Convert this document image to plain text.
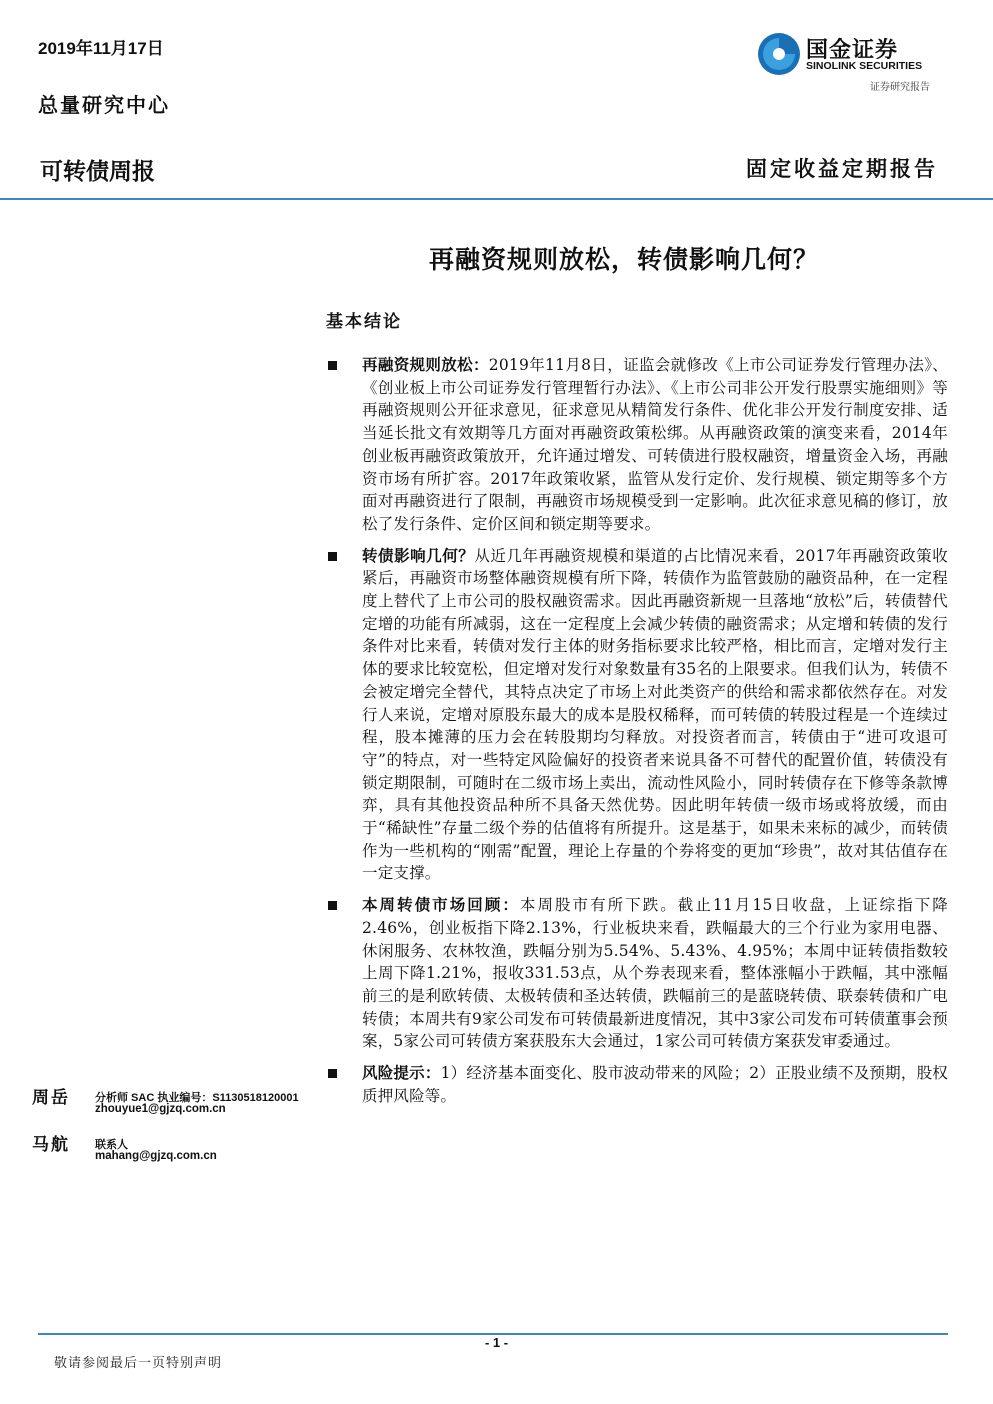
2019年11月17日
总量研究中心
可转债周报	固定收益定期报告
国金证券
SINOLINK SECURITIES
证券研究报告
再融资规则放松，转债影响几何？
基本结论
再融资规则放松：2019年11月8日，证监会就修改《上市公司证券发行管理办法》、《创业板上市公司证券发行管理暂行办法》、《上市公司非公开发行股票实施细则》等再融资规则公开征求意见，征求意见从精简发行条件、优化非公开发行制度安排、适当延长批文有效期等几方面对再融资政策松绑。从再融资政策的演变来看，2014年创业板再融资政策放开，允许通过增发、可转债进行股权融资，增量资金入场，再融资市场有所扩容。2017年政策收紧，监管从发行定价、发行规模、锁定期等多个方面对再融资进行了限制，再融资市场规模受到一定影响。此次征求意见稿的修订，放松了发行条件、定价区间和锁定期等要求。
转债影响几何？从近几年再融资规模和渠道的占比情况来看，2017年再融资政策收紧后，再融资市场整体融资规模有所下降，转债作为监管鼓励的融资品种，在一定程度上替代了上市公司的股权融资需求。因此再融资新规一旦落地“放松”后，转债替代定增的功能有所减弱，这在一定程度上会减少转债的融资需求；从定增和转债的发行条件对比来看，转债对发行主体的财务指标要求比较严格，相比而言，定增对发行主体的要求比较宽松，但定增对发行对象数量有35名的上限要求。但我们认为，转债不会被定增完全替代，其特点决定了市场上对此类资产的供给和需求都依然存在。对发行人来说，定增对原股东最大的成本是股权稀释，而可转债的转股过程是一个连续过程，股本摊薄的压力会在转股期均匀释放。对投资者而言，转债由于“进可攻退可守”的特点，对一些特定风险偏好的投资者来说具备不可替代的配置价值，转债没有锁定期限制，可随时在二级市场上卖出，流动性风险小，同时转债存在下修等条款博弈，具有其他投资品种所不具备天然优势。因此明年转债一级市场或将放缓，而由于“稀缺性”存量二级个券的估值将有所提升。这是基于，如果未来标的减少，而转债作为一些机构的“刚需”配置，理论上存量的个券将变的更加“珍贵”，故对其估值存在一定支撑。
本周转债市场回顾：本周股市有所下跌。截止11月15日收盘，上证综指下降2.46%，创业板指下降2.13%，行业板块来看，跌幅最大的三个行业为家用电器、休闲服务、农林牧渔，跌幅分别为5.54%、5.43%、4.95%；本周中证转债指数较上周下降1.21%，报收331.53点，从个券表现来看，整体涨幅小于跌幅，其中涨幅前三的是利欧转债、太极转债和圣达转债，跌幅前三的是蓝晓转债、联泰转债和广电转债；本周共有9家公司发布可转债最新进度情况，其中3家公司发布可转债董事会预案，5家公司可转债方案获股东大会通过，1家公司可转债方案获发审委通过。
风险提示：1）经济基本面变化、股市波动带来的风险；2）正股业绩不及预期，股权质押风险等。
周岳 分析师 SAC 执业编号：S1130518120001
zhouyue1@gjzq.com.cn
马航 联系人
mahang@gjzq.com.cn
- 1 -
敬请参阅最后一页特别声明
